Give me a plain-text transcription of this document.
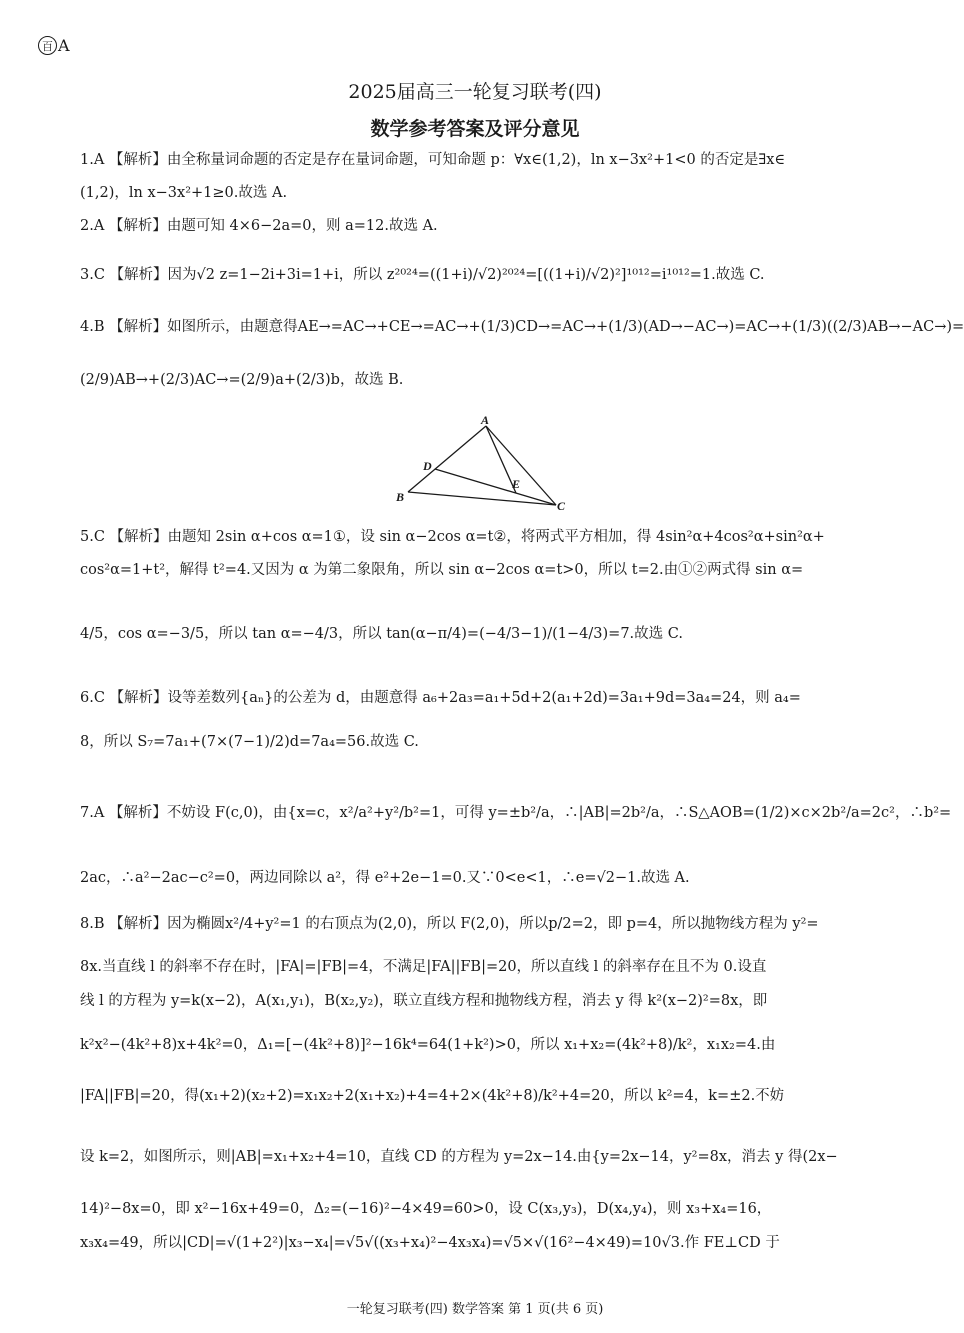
百 A
2025届高三一轮复习联考(四)
数学参考答案及评分意见
1.A 【解析】由全称量词命题的否定是存在量词命题，可知命题 p：∀x∈(1,2)，ln x−3x²+1<0 的否定是∃x∈
(1,2)，ln x−3x²+1≥0.故选 A.
2.A 【解析】由题可知 4×6−2a=0，则 a=12.故选 A.
3.C 【解析】因为√2 z=1−2i+3i=1+i，所以 z²⁰²⁴=((1+i)/√2)²⁰²⁴=[((1+i)/√2)²]¹⁰¹²=i¹⁰¹²=1.故选 C.
4.B 【解析】如图所示，由题意得AE→=AC→+CE→=AC→+(1/3)CD→=AC→+(1/3)(AD→−AC→)=AC→+(1/3)((2/3)AB→−AC→)=
(2/9)AB→+(2/3)AC→=(2/9)a+(2/3)b，故选 B.
A
B
C
D
E
5.C 【解析】由题知 2sin α+cos α=1①，设 sin α−2cos α=t②，将两式平方相加，得 4sin²α+4cos²α+sin²α+
cos²α=1+t²，解得 t²=4.又因为 α 为第二象限角，所以 sin α−2cos α=t>0，所以 t=2.由①②两式得 sin α=
4/5，cos α=−3/5，所以 tan α=−4/3，所以 tan(α−π/4)=(−4/3−1)/(1−4/3)=7.故选 C.
6.C 【解析】设等差数列{aₙ}的公差为 d，由题意得 a₆+2a₃=a₁+5d+2(a₁+2d)=3a₁+9d=3a₄=24，则 a₄=
8，所以 S₇=7a₁+(7×(7−1)/2)d=7a₄=56.故选 C.
7.A 【解析】不妨设 F(c,0)，由{x=c，x²/a²+y²/b²=1，可得 y=±b²/a，∴|AB|=2b²/a，∴S△AOB=(1/2)×c×2b²/a=2c²，∴b²=
2ac，∴a²−2ac−c²=0，两边同除以 a²，得 e²+2e−1=0.又∵0<e<1，∴e=√2−1.故选 A.
8.B 【解析】因为椭圆x²/4+y²=1 的右顶点为(2,0)，所以 F(2,0)，所以p/2=2，即 p=4，所以抛物线方程为 y²=
8x.当直线 l 的斜率不存在时，|FA|=|FB|=4，不满足|FA||FB|=20，所以直线 l 的斜率存在且不为 0.设直
线 l 的方程为 y=k(x−2)，A(x₁,y₁)，B(x₂,y₂)，联立直线方程和抛物线方程，消去 y 得 k²(x−2)²=8x，即
k²x²−(4k²+8)x+4k²=0，Δ₁=[−(4k²+8)]²−16k⁴=64(1+k²)>0，所以 x₁+x₂=(4k²+8)/k²，x₁x₂=4.由
|FA||FB|=20，得(x₁+2)(x₂+2)=x₁x₂+2(x₁+x₂)+4=4+2×(4k²+8)/k²+4=20，所以 k²=4，k=±2.不妨
设 k=2，如图所示，则|AB|=x₁+x₂+4=10，直线 CD 的方程为 y=2x−14.由{y=2x−14，y²=8x，消去 y 得(2x−
14)²−8x=0，即 x²−16x+49=0，Δ₂=(−16)²−4×49=60>0，设 C(x₃,y₃)，D(x₄,y₄)，则 x₃+x₄=16，
x₃x₄=49，所以|CD|=√(1+2²)|x₃−x₄|=√5√((x₃+x₄)²−4x₃x₄)=√5×√(16²−4×49)=10√3.作 FE⊥CD 于
一轮复习联考(四) 数学答案 第 1 页(共 6 页)
